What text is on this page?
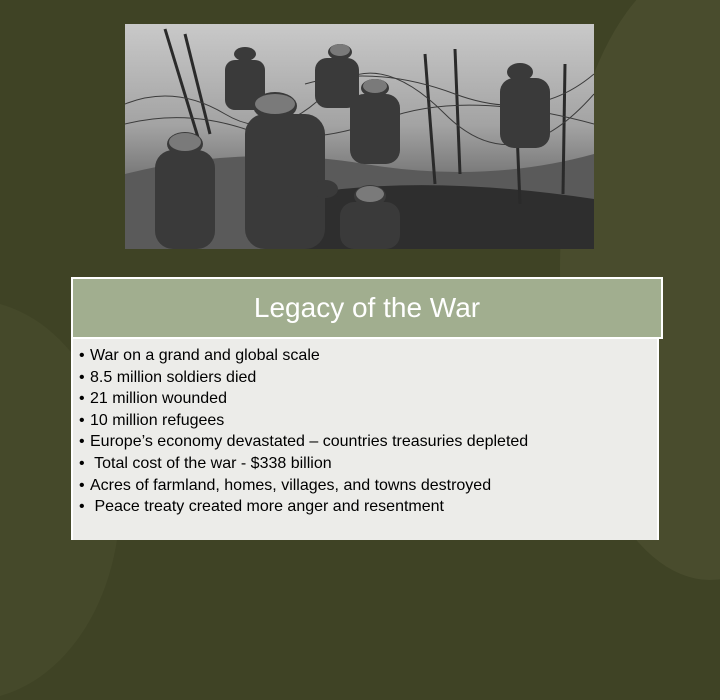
Legacy of the War
• War on a grand and global scale
• 8.5 million soldiers died
• 21 million wounded
• 10 million refugees
• Europe’s economy devastated – countries treasuries depleted
• Total cost of the war - $338 billion
• Acres of farmland, homes, villages, and towns destroyed
• Peace treaty created more anger and resentment
